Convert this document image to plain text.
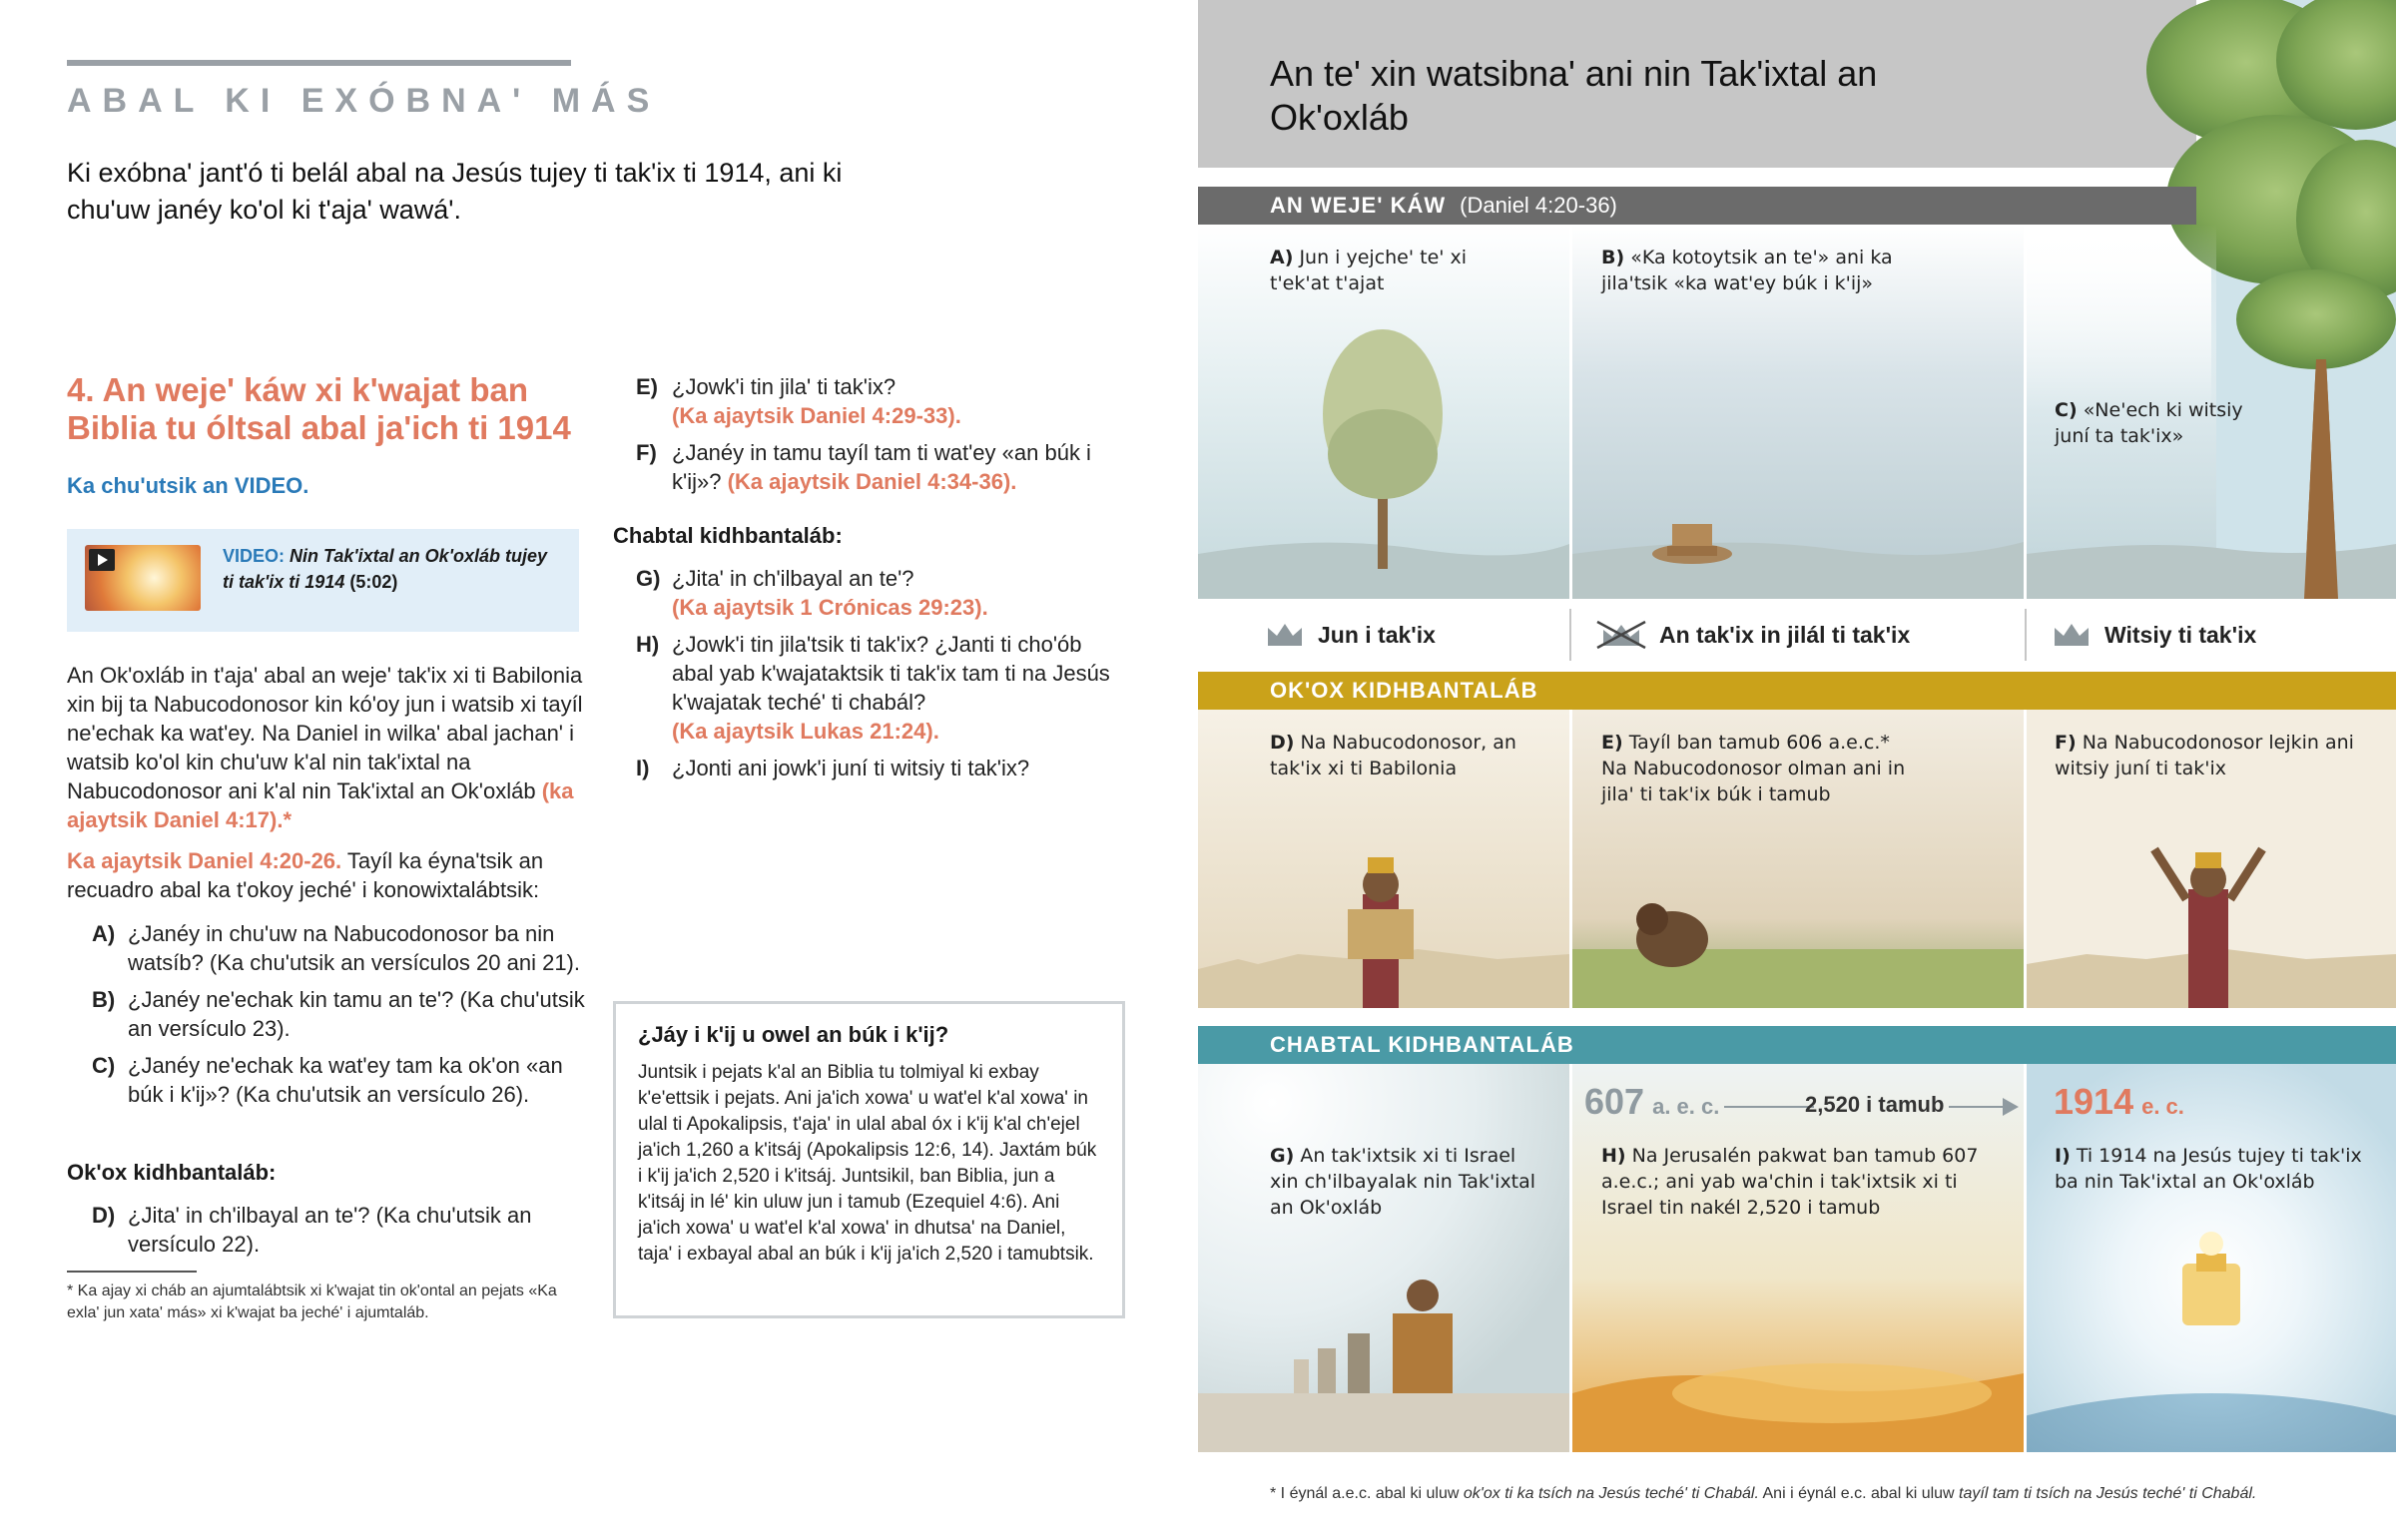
ABAL KI EXÓBNA' MÁS
Ki exóbna' jant'ó ti belál abal na Jesús tujey ti tak'ix ti 1914, ani ki chu'uw janéy ko'ol ki t'aja' wawá'.
4. An weje' káw xi k'wajat ban Biblia tu óltsal abal ja'ich ti 1914
Ka chu'utsik an VIDEO.
VIDEO: Nin Tak'ixtal an Ok'oxláb tujey ti tak'ix ti 1914 (5:02)
An Ok'oxláb in t'aja' abal an weje' tak'ix xi ti Babilonia xin bij ta Nabucodonosor kin kó'oy jun i watsib xi tayíl ne'echak ka wat'ey. Na Daniel in wilka' abal jachan' i watsib ko'ol kin chu'uw k'al nin tak'ixtal na Nabucodonosor ani k'al nin Tak'ixtal an Ok'oxláb (ka ajaytsik Daniel 4:17).*
Ka ajaytsik Daniel 4:20-26. Tayíl ka éyna'tsik an recuadro abal ka t'okoy jeché' i konowixtalábtsik:
A) ¿Janéy in chu'uw na Nabucodonosor ba nin watsíb? (Ka chu'utsik an versículos 20 ani 21).
B) ¿Janéy ne'echak kin tamu an te'? (Ka chu'utsik an versículo 23).
C) ¿Janéy ne'echak ka wat'ey tam ka ok'on «an búk i k'ij»? (Ka chu'utsik an versículo 26).
Ok'ox kidhbantaláb:
D) ¿Jita' in ch'ilbayal an te'? (Ka chu'utsik an versículo 22).
* Ka ajay xi cháb an ajumtalábtsik xi k'wajat tin ok'ontal an pejats «Ka exla' jun xata' más» xi k'wajat ba jeché' i ajumtaláb.
E) ¿Jowk'i tin jila' ti tak'ix?
(Ka ajaytsik Daniel 4:29-33).
F) ¿Janéy in tamu tayíl tam ti wat'ey «an búk i k'ij»? (Ka ajaytsik Daniel 4:34-36).
Chabtal kidhbantaláb:
G) ¿Jita' in ch'ilbayal an te'?
(Ka ajaytsik 1 Crónicas 29:23).
H) ¿Jowk'i tin jila'tsik ti tak'ix? ¿Janti ti cho'ób abal yab k'wajataktsik ti tak'ix tam ti na Jesús k'wajatak teché' ti chabál?
(Ka ajaytsik Lukas 21:24).
I)	¿Jonti ani jowk'i juní ti witsiy ti tak'ix?
¿Jáy i k'ij u owel an búk i k'ij?
Juntsik i pejats k'al an Biblia tu tolmiyal ki exbay k'e'ettsik i pejats. Ani ja'ich xowa' u wat'el k'al xowa' in ulal ti Apokalipsis, t'aja' in ulal abal óx i k'ij k'al ch'ejel ja'ich 1,260 a k'itsáj (Apokalipsis 12:6, 14). Jaxtám búk i k'ij ja'ich 2,520 i k'itsáj. Juntsikil, ban Biblia, jun a k'itsáj in lé' kin uluw jun i tamub (Ezequiel 4:6). Ani ja'ich xowa' u wat'el k'al xowa' in dhutsa' na Daniel, taja' i exbayal abal an búk i k'ij ja'ich 2,520 i tamubtsik.
An te' xin watsibna' ani nin Tak'ixtal an Ok'oxláb
AN WEJE' KÁW (Daniel 4:20-36)
A) Jun i yejche' te' xi t'ek'at t'ajat
B) «Ka kotoytsik an te'» ani ka jila'tsik «ka wat'ey búk i k'ij»
C) «Ne'ech ki witsiy juní ta tak'ix»
Jun i tak'ix	An tak'ix in jilál ti tak'ix	Witsiy ti tak'ix
OK'OX KIDHBANTALÁB
D) Na Nabucodonosor, an tak'ix xi ti Babilonia
E) Tayíl ban tamub 606 a.e.c.* Na Nabucodonosor olman ani in jila' ti tak'ix búk i tamub
F) Na Nabucodonosor lejkin ani witsiy juní ti tak'ix
CHABTAL KIDHBANTALÁB
G) An tak'ixtsik xi ti Israel xin ch'ilbayalak nin Tak'ixtal an Ok'oxláb
H) Na Jerusalén pakwat ban tamub 607 a.e.c.; ani yab wa'chin i tak'ixtsik xi ti Israel tin nakél 2,520 i tamub
I) Ti 1914 na Jesús tujey ti tak'ix ba nin Tak'ixtal an Ok'oxláb
607 a. e. c.	2,520 i tamub	1914 e. c.
* I éynál a.e.c. abal ki uluw ok'ox ti ka tsích na Jesús teché' ti Chabál. Ani i éynál e.c. abal ki uluw tayíl tam ti tsích na Jesús teché' ti Chabál.
